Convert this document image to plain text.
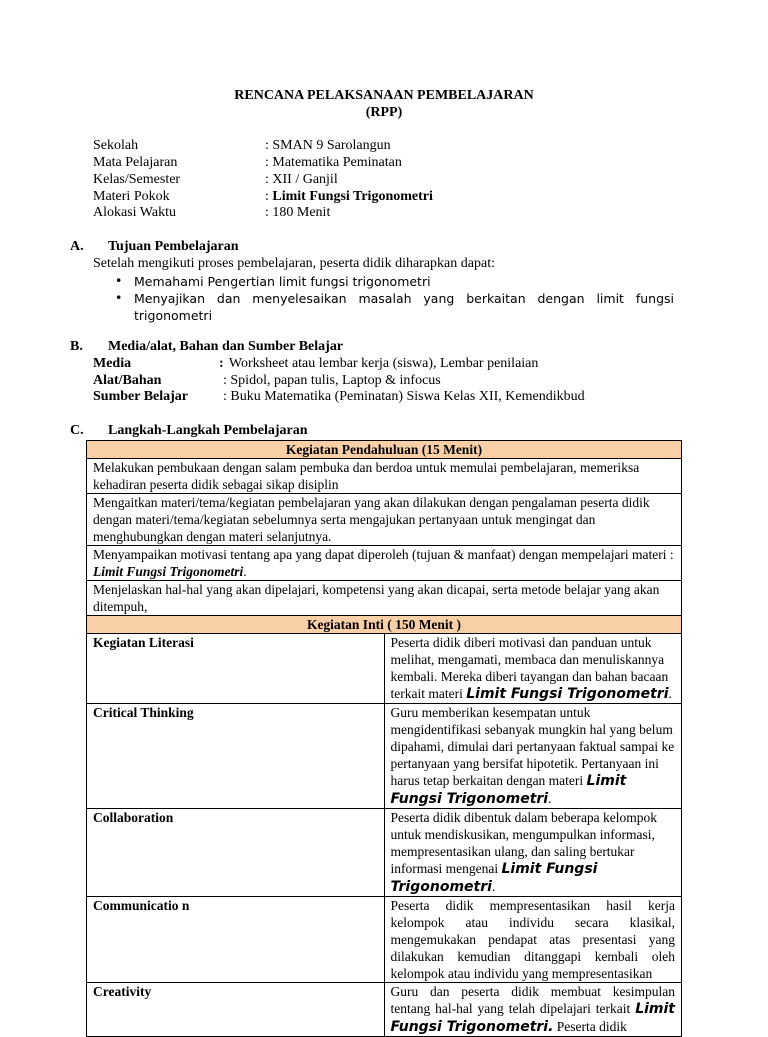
RENCANA PELAKSANAAN PEMBELAJARAN
(RPP)
Sekolah	: SMAN 9 Sarolangun
Mata Pelajaran	: Matematika Peminatan
Kelas/Semester	: XII / Ganjil
Materi Pokok	: Limit Fungsi Trigonometri
Alokasi Waktu	: 180 Menit
A. Tujuan Pembelajaran
Setelah mengikuti proses pembelajaran, peserta didik diharapkan dapat:
• Memahami Pengertian limit fungsi trigonometri
• Menyajikan dan menyelesaikan masalah yang berkaitan dengan limit fungsi trigonometri
B. Media/alat, Bahan dan Sumber Belajar
Media	: Worksheet atau lembar kerja (siswa), Lembar penilaian
Alat/Bahan	: Spidol, papan tulis, Laptop & infocus
Sumber Belajar : Buku Matematika (Peminatan) Siswa Kelas XII, Kemendikbud
C. Langkah-Langkah Pembelajaran
Kegiatan Pendahuluan (15 Menit)	
Melakukan pembukaan dengan salam pembuka dan berdoa untuk memulai pembelajaran, memeriksa kehadiran peserta didik sebagai sikap disiplin	
Mengaitkan materi/tema/kegiatan pembelajaran yang akan dilakukan dengan pengalaman peserta didik dengan materi/tema/kegiatan sebelumnya serta mengajukan pertanyaan untuk mengingat dan menghubungkan dengan materi selanjutnya.	
Menyampaikan motivasi tentang apa yang dapat diperoleh (tujuan & manfaat) dengan mempelajari materi :
Limit Fungsi Trigonometri.	
Menjelaskan hal-hal yang akan dipelajari, kompetensi yang akan dicapai, serta metode belajar yang akan ditempuh,	
Kegiatan Inti ( 150 Menit )	
Kegiatan Literasi	Peserta didik diberi motivasi dan panduan untuk melihat, mengamati, membaca dan menuliskannya kembali. Mereka diberi tayangan dan bahan bacaan terkait materi Limit Fungsi Trigonometri.
Critical Thinking	Guru memberikan kesempatan untuk mengidentifikasi sebanyak mungkin hal yang belum dipahami, dimulai dari pertanyaan faktual sampai ke pertanyaan yang bersifat hipotetik. Pertanyaan ini harus tetap berkaitan dengan materi Limit Fungsi Trigonometri.
Collaboration	Peserta didik dibentuk dalam beberapa kelompok untuk mendiskusikan, mengumpulkan informasi, mempresentasikan ulang, dan saling bertukar informasi mengenai Limit Fungsi Trigonometri.
Communicatio n	Peserta didik mempresentasikan hasil kerja kelompok atau individu secara klasikal, mengemukakan pendapat atas presentasi yang dilakukan kemudian ditanggapi kembali oleh kelompok atau individu yang mempresentasikan
Creativity	Guru dan peserta didik membuat kesimpulan tentang hal-hal yang telah dipelajari terkait Limit Fungsi Trigonometri. Peserta didik
